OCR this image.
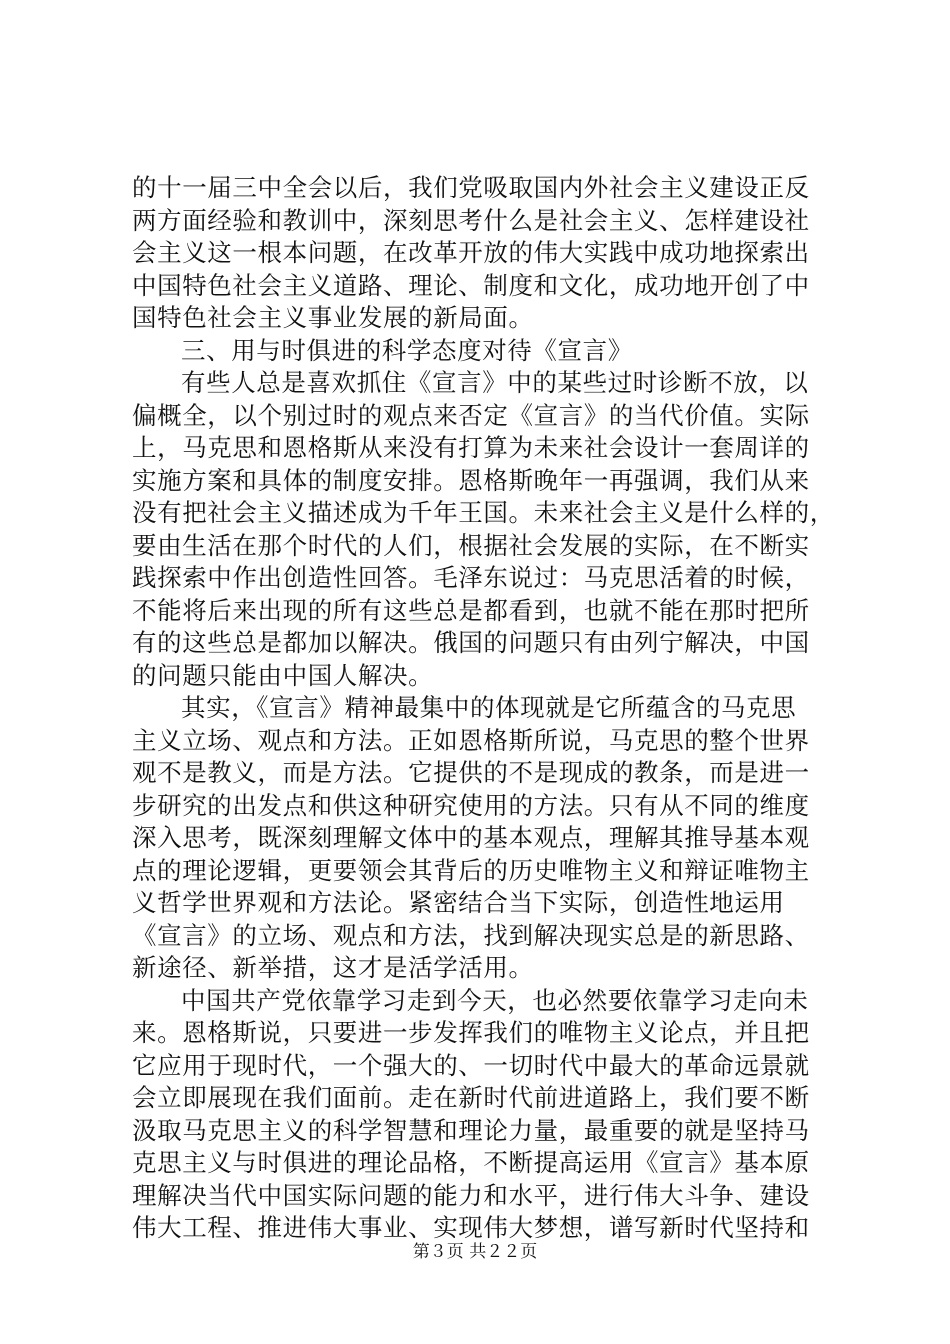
的十一届三中全会以后，我们党吸取国内外社会主义建设正反
两方面经验和教训中，深刻思考什么是社会主义、怎样建设社
会主义这一根本问题，在改革开放的伟大实践中成功地探索出
中国特色社会主义道路、理论、制度和文化，成功地开创了中
国特色社会主义事业发展的新局面。
三、用与时俱进的科学态度对待《宣言》
有些人总是喜欢抓住《宣言》中的某些过时诊断不放，以
偏概全，以个别过时的观点来否定《宣言》的当代价值。实际
上，马克思和恩格斯从来没有打算为未来社会设计一套周详的
实施方案和具体的制度安排。恩格斯晚年一再强调，我们从来
没有把社会主义描述成为千年王国。未来社会主义是什么样的，
要由生活在那个时代的人们，根据社会发展的实际，在不断实
践探索中作出创造性回答。毛泽东说过：马克思活着的时候，
不能将后来出现的所有这些总是都看到，也就不能在那时把所
有的这些总是都加以解决。俄国的问题只有由列宁解决，中国
的问题只能由中国人解决。
其实，《宣言》精神最集中的体现就是它所蕴含的马克思
主义立场、观点和方法。正如恩格斯所说，马克思的整个世界
观不是教义，而是方法。它提供的不是现成的教条，而是进一
步研究的出发点和供这种研究使用的方法。只有从不同的维度
深入思考，既深刻理解文体中的基本观点，理解其推导基本观
点的理论逻辑，更要领会其背后的历史唯物主义和辩证唯物主
义哲学世界观和方法论。紧密结合当下实际，创造性地运用
《宣言》的立场、观点和方法，找到解决现实总是的新思路、
新途径、新举措，这才是活学活用。
中国共产党依靠学习走到今天，也必然要依靠学习走向未
来。恩格斯说，只要进一步发挥我们的唯物主义论点，并且把
它应用于现时代，一个强大的、一切时代中最大的革命远景就
会立即展现在我们面前。走在新时代前进道路上，我们要不断
汲取马克思主义的科学智慧和理论力量，最重要的就是坚持马
克思主义与时俱进的理论品格，不断提高运用《宣言》基本原
理解决当代中国实际问题的能力和水平，进行伟大斗争、建设
伟大工程、推进伟大事业、实现伟大梦想，谱写新时代坚持和
第３页 共２２页
